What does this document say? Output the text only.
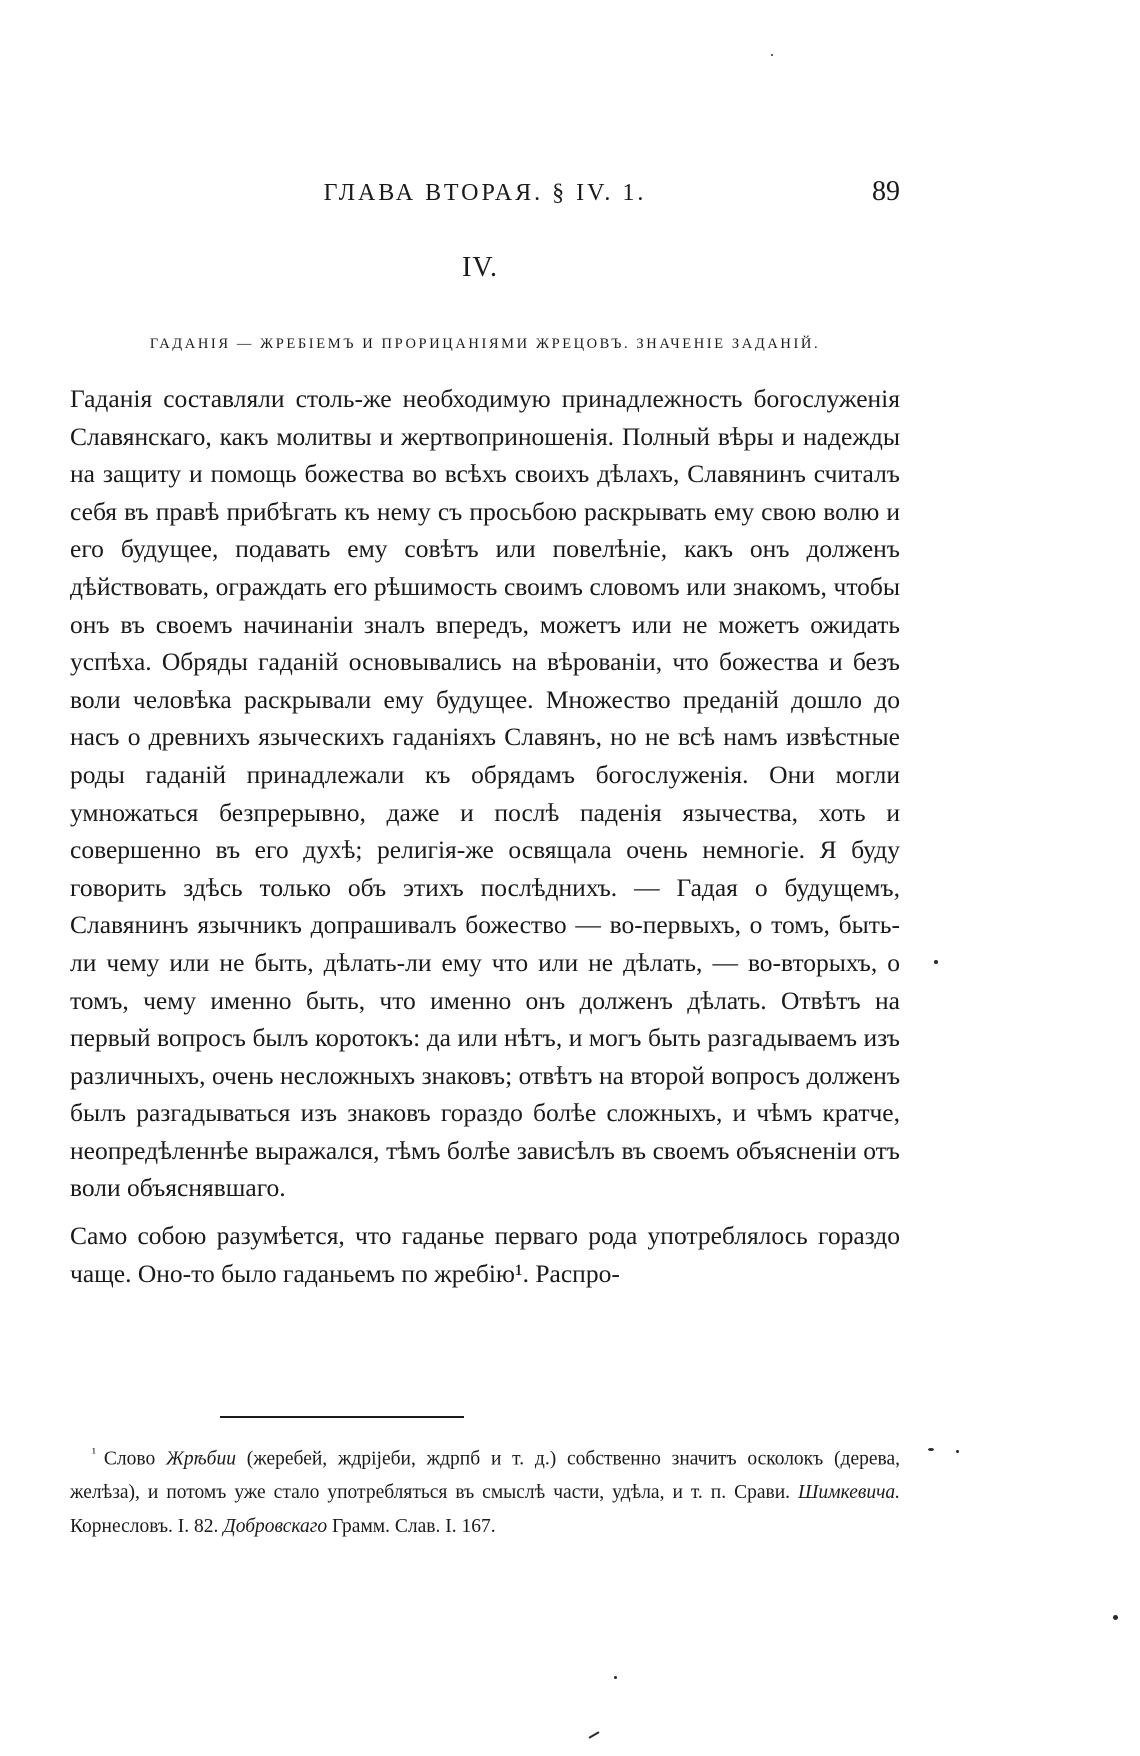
ГЛАВА ВТОРАЯ. § IV. 1.	89
IV.
ГАДАНІЯ — ЖРЕБІЕМЪ И ПРОРИЦАНІЯМИ ЖРЕЦОВЪ. ЗНАЧЕНІЕ ЗАДАНІЙ.

Гаданія составляли столь-же необходимую принадлежность богослуженія Славянскаго, какъ молитвы и жертвоприношенія. Полный вѣры и надежды на защиту и помощь божества во всѣхъ своихъ дѣлахъ, Славянинъ считалъ себя въ правѣ прибѣгать къ нему съ просьбою раскрывать ему свою волю и его будущее, подавать ему совѣтъ или повелѣніе, какъ онъ долженъ дѣйствовать, ограждать его рѣшимость своимъ словомъ или знакомъ, чтобы онъ въ своемъ начинаніи зналъ впередъ, можетъ или не можетъ ожидать успѣха. Обряды гаданій основывались на вѣрованіи, что божества и безъ воли человѣка раскрывали ему будущее. Множество преданій дошло до насъ о древнихъ языческихъ гаданіяхъ Славянъ, но не всѣ намъ извѣстные роды гаданій принадлежали къ обрядамъ богослуженія. Они могли умножаться безпрерывно, даже и послѣ паденія язычества, хоть и совершенно въ его духѣ; религія-же освящала очень немногіе. Я буду говорить здѣсь только объ этихъ послѣднихъ. — Гадая о будущемъ, Славянинъ язычникъ допрашивалъ божество — во-первыхъ, о томъ, быть-ли чему или не быть, дѣлать-ли ему что или не дѣлать, — во-вторыхъ, о томъ, чему именно быть, что именно онъ долженъ дѣлать. Отвѣтъ на первый вопросъ былъ коротокъ: да или нѣтъ, и могъ быть разгадываемъ изъ различныхъ, очень несложныхъ знаковъ; отвѣтъ на второй вопросъ долженъ былъ разгадываться изъ знаковъ гораздо болѣе сложныхъ, и чѣмъ кратче, неопредѣленнѣе выражался, тѣмъ болѣе зависѣлъ въ своемъ объясненіи отъ воли объяснявшаго.

Само собою разумѣется, что гаданье перваго рода употреблялось гораздо чаще. Оно-то было гаданьемъ по жребію¹. Распро-

$^{^1}$ Слово Жрѣбии (жеребей, ждрijеби, ждрпб и т. д.) собственно значитъ осколокъ (дерева, желѣза), и потомъ уже стало употребляться въ смыслѣ части, удѣла, и т. п. Срави. Шимкевича. Корнесловъ. I. 82. Добровскаго Грамм. Слав. I. 167.
